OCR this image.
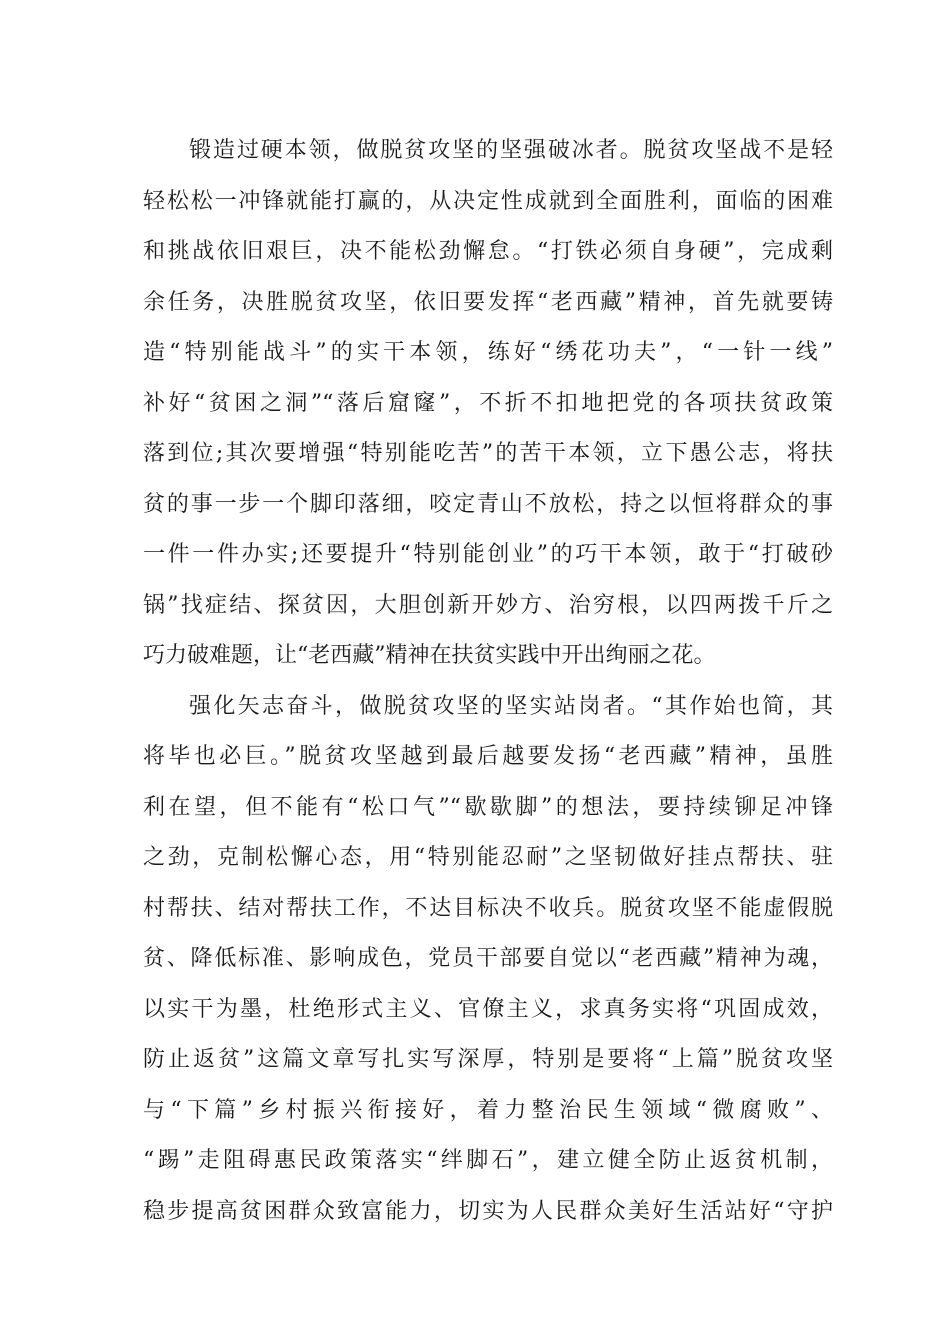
锻造过硬本领，做脱贫攻坚的坚强破冰者。脱贫攻坚战不是轻
轻松松一冲锋就能打赢的，从决定性成就到全面胜利，面临的困难
和挑战依旧艰巨，决不能松劲懈怠。“打铁必须自身硬”，完成剩
余任务，决胜脱贫攻坚，依旧要发挥“老西藏”精神，首先就要铸
造“特别能战斗”的实干本领，练好“绣花功夫”，“一针一线”
补好“贫困之洞”“落后窟窿”，不折不扣地把党的各项扶贫政策
落到位;其次要增强“特别能吃苦”的苦干本领，立下愚公志，将扶
贫的事一步一个脚印落细，咬定青山不放松，持之以恒将群众的事
一件一件办实;还要提升“特别能创业”的巧干本领，敢于“打破砂
锅”找症结、探贫因，大胆创新开妙方、治穷根，以四两拨千斤之
巧力破难题，让“老西藏”精神在扶贫实践中开出绚丽之花。
强化矢志奋斗，做脱贫攻坚的坚实站岗者。“其作始也简，其
将毕也必巨。”脱贫攻坚越到最后越要发扬“老西藏”精神，虽胜
利在望，但不能有“松口气”“歇歇脚”的想法，要持续铆足冲锋
之劲，克制松懈心态，用“特别能忍耐”之坚韧做好挂点帮扶、驻
村帮扶、结对帮扶工作，不达目标决不收兵。脱贫攻坚不能虚假脱
贫、降低标准、影响成色，党员干部要自觉以“老西藏”精神为魂，
以实干为墨，杜绝形式主义、官僚主义，求真务实将“巩固成效，
防止返贫”这篇文章写扎实写深厚，特别是要将“上篇”脱贫攻坚
与“下篇”乡村振兴衔接好，着力整治民生领域“微腐败”、
“踢”走阻碍惠民政策落实“绊脚石”，建立健全防止返贫机制，
稳步提高贫困群众致富能力，切实为人民群众美好生活站好“守护
